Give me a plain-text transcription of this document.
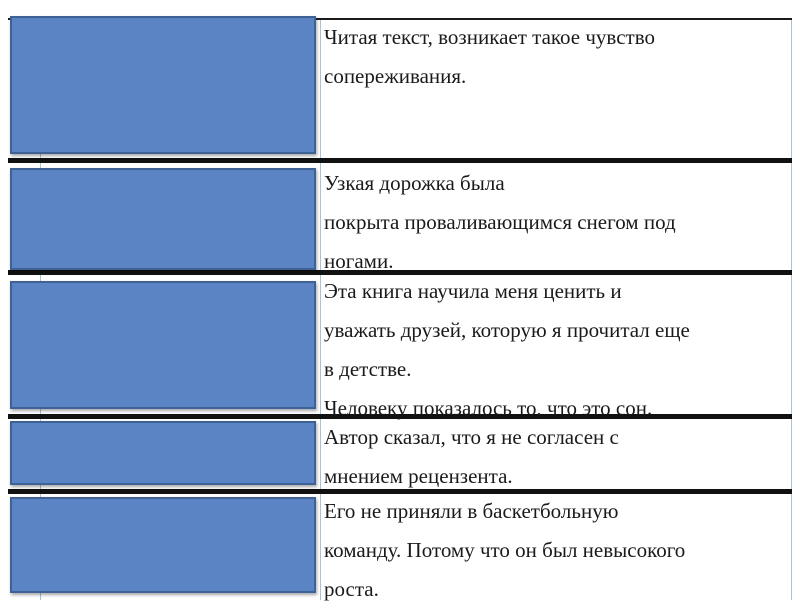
Читая текст, возникает такое чувство

сопереживания.

Узкая дорожка была

покрыта проваливающимся снегом под

ногами.

Эта книга научила меня ценить и

уважать друзей, которую я прочитал еще

в детстве.

Человеку показалось то, что это сон.

Автор сказал, что я не согласен с

мнением рецензента.

Его не приняли в баскетбольную

команду. Потому что он был невысокого

роста.
